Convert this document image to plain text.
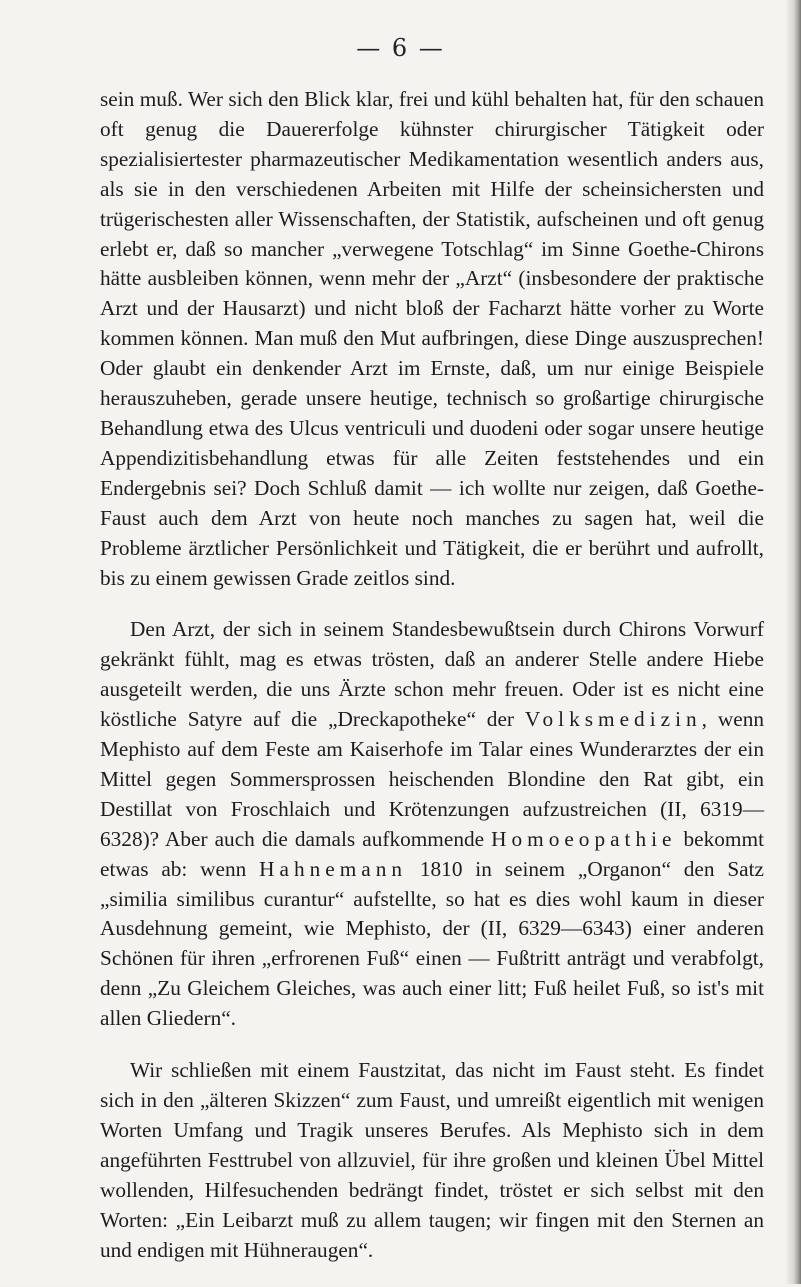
— 6 —

sein muß. Wer sich den Blick klar, frei und kühl behalten hat, für den schauen oft genug die Dauererfolge kühnster chirurgischer Tätigkeit oder spezialisiertester pharmazeutischer Medikamentation wesentlich anders aus, als sie in den verschiedenen Arbeiten mit Hilfe der scheinsichersten und trügerischesten aller Wissenschaften, der Statistik, aufscheinen und oft genug erlebt er, daß so mancher „verwegene Totschlag“ im Sinne Goethe-Chirons hätte ausbleiben können, wenn mehr der „Arzt“ (insbesondere der praktische Arzt und der Hausarzt) und nicht bloß der Facharzt hätte vorher zu Worte kommen können. Man muß den Mut aufbringen, diese Dinge auszusprechen! Oder glaubt ein denkender Arzt im Ernste, daß, um nur einige Beispiele herauszuheben, gerade unsere heutige, technisch so großartige chirurgische Behandlung etwa des Ulcus ventriculi und duodeni oder sogar unsere heutige Appendizitisbehandlung etwas für alle Zeiten feststehendes und ein Endergebnis sei? Doch Schluß damit — ich wollte nur zeigen, daß Goethe-Faust auch dem Arzt von heute noch manches zu sagen hat, weil die Probleme ärztlicher Persönlichkeit und Tätigkeit, die er berührt und aufrollt, bis zu einem gewissen Grade zeitlos sind.

Den Arzt, der sich in seinem Standesbewußtsein durch Chirons Vorwurf gekränkt fühlt, mag es etwas trösten, daß an anderer Stelle andere Hiebe ausgeteilt werden, die uns Ärzte schon mehr freuen. Oder ist es nicht eine köstliche Satyre auf die „Dreckapotheke“ der Volksmedizin, wenn Mephisto auf dem Feste am Kaiserhofe im Talar eines Wunderarztes der ein Mittel gegen Sommersprossen heischenden Blondine den Rat gibt, ein Destillat von Froschlaich und Krötenzungen aufzustreichen (II, 6319—6328)? Aber auch die damals aufkommende Homoeopathie bekommt etwas ab: wenn Hahnemann 1810 in seinem „Organon“ den Satz „similia similibus curantur“ aufstellte, so hat es dies wohl kaum in dieser Ausdehnung gemeint, wie Mephisto, der (II, 6329—6343) einer anderen Schönen für ihren „erfrorenen Fuß“ einen — Fußtritt anträgt und verabfolgt, denn „Zu Gleichem Gleiches, was auch einer litt; Fuß heilet Fuß, so ist's mit allen Gliedern“.

Wir schließen mit einem Faustzitat, das nicht im Faust steht. Es findet sich in den „älteren Skizzen“ zum Faust, und umreißt eigentlich mit wenigen Worten Umfang und Tragik unseres Berufes. Als Mephisto sich in dem angeführten Festtrubel von allzuviel, für ihre großen und kleinen Übel Mittel wollenden, Hilfesuchenden bedrängt findet, tröstet er sich selbst mit den Worten: „Ein Leibarzt muß zu allem taugen; wir fingen mit den Sternen an und endigen mit Hühneraugen“.
